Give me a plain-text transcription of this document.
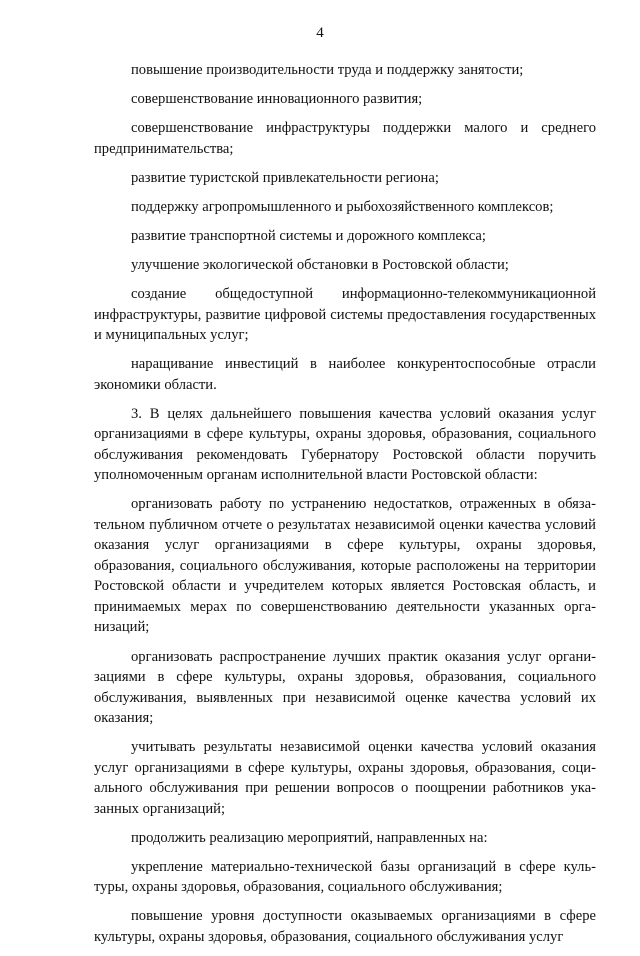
4

повышение производительности труда и поддержку занятости;

совершенствование инновационного развития;

совершенствование инфраструктуры поддержки малого и среднего предпринимательства;

развитие туристской привлекательности региона;

поддержку агропромышленного и рыбохозяйственного комплексов;

развитие транспортной системы и дорожного комплекса;

улучшение экологической обстановки в Ростовской области;

создание общедоступной информационно-телекоммуникационной инфраструктуры, развитие цифровой системы предоставления государственных и муниципальных услуг;

наращивание инвестиций в наиболее конкурентоспособные отрасли экономики области.

3. В целях дальнейшего повышения качества условий оказания услуг организациями в сфере культуры, охраны здоровья, образования, социального обслуживания рекомендовать Губернатору Ростовской области поручить уполномоченным органам исполнительной власти Ростовской области:

организовать работу по устранению недостатков, отраженных в обязательном публичном отчете о результатах независимой оценки качества условий оказания услуг организациями в сфере культуры, охраны здоровья, образования, социального обслуживания, которые расположены на территории Ростовской области и учредителем которых является Ростовская область, и принимаемых мерах по совершенствованию деятельности указанных организаций;

организовать распространение лучших практик оказания услуг организациями в сфере культуры, охраны здоровья, образования, социального обслуживания, выявленных при независимой оценке качества условий их оказания;

учитывать результаты независимой оценки качества условий оказания услуг организациями в сфере культуры, охраны здоровья, образования, социального обслуживания при решении вопросов о поощрении работников указанных организаций;

продолжить реализацию мероприятий, направленных на:

укрепление материально-технической базы организаций в сфере культуры, охраны здоровья, образования, социального обслуживания;

повышение уровня доступности оказываемых организациями в сфере культуры, охраны здоровья, образования, социального обслуживания услуг
